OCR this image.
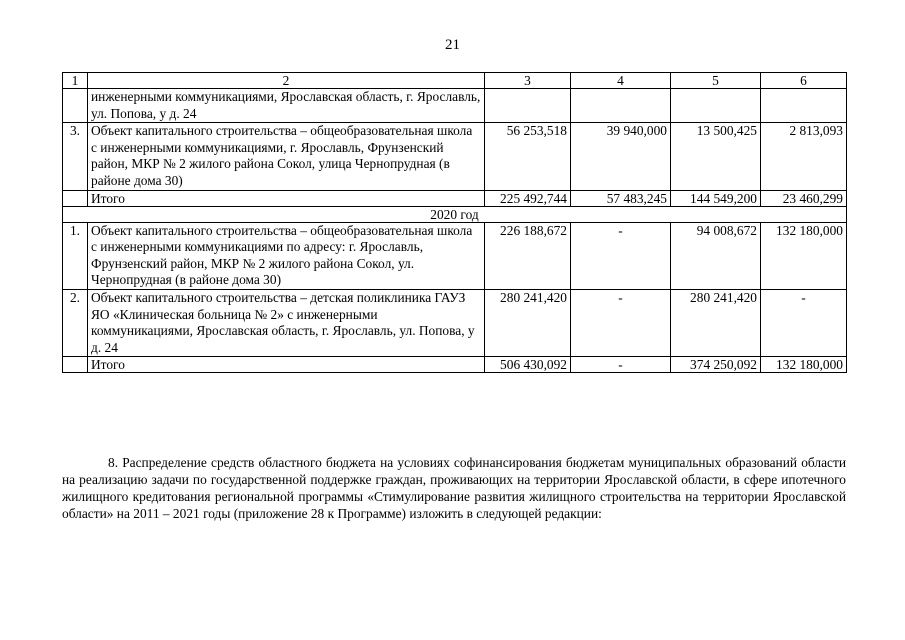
21
1	2	3	4	5	6
	инженерными коммуникациями, Ярославская область, г. Ярославль, ул. Попова, у д. 24				
3.	Объект капитального строительства – общеобразовательная школа с инженерными коммуникациями, г. Ярославль, Фрунзенский район, МКР № 2 жилого района Сокол, улица Чернопрудная (в районе дома 30)	56 253,518	39 940,000	13 500,425	2 813,093
	Итого	225 492,744	57 483,245	144 549,200	23 460,299
2020 год					
1.	Объект капитального строительства – общеобразовательная школа с инженерными коммуникациями по адресу: г. Ярославль, Фрунзенский район, МКР № 2 жилого района Сокол, ул. Чернопрудная (в районе дома 30)	226 188,672	-	94 008,672	132 180,000
2.	Объект капитального строительства – детская поликлиника ГАУЗ ЯО «Клиническая больница № 2» с инженерными коммуникациями, Ярославская область, г. Ярославль, ул. Попова, у д. 24	280 241,420	-	280 241,420	-
	Итого	506 430,092	-	374 250,092	132 180,000

8. Распределение средств областного бюджета на условиях софинансирования бюджетам муниципальных образований области на реализацию задачи по государственной поддержке граждан, проживающих на территории Ярославской области, в сфере ипотечного жилищного кредитования региональной программы «Стимулирование развития жилищного строительства на территории Ярославской области» на 2011 – 2021 годы (приложение 28 к Программе) изложить в следующей редакции:
